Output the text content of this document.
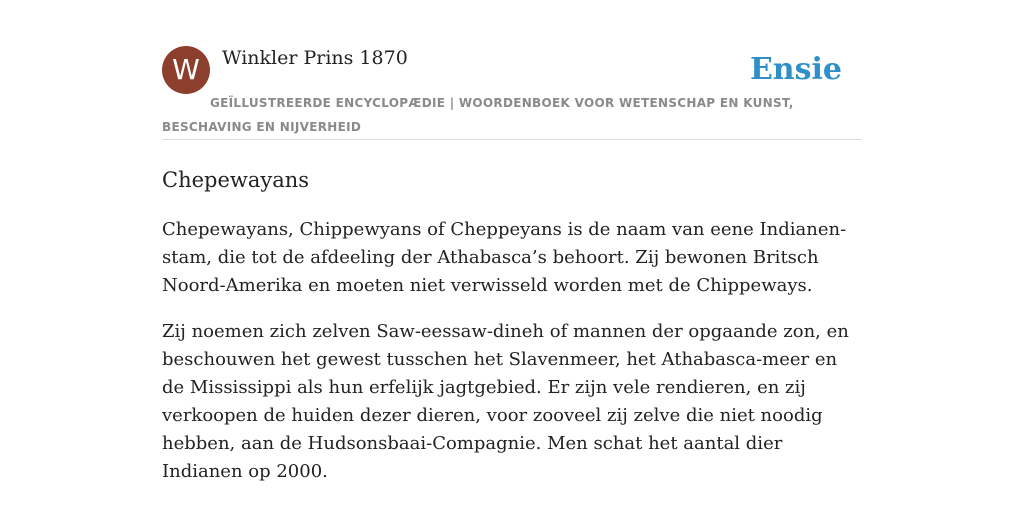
W	Winkler Prins 1870	Ensie
GEÏLLUSTREERDE ENCYCLOPÆDIE | WOORDENBOEK VOOR WETENSCHAP EN KUNST, BESCHAVING EN NIJVERHEID
Chepewayans

Chepewayans, Chippewyans of Cheppeyans is de naam van eene Indianen-stam, die tot de afdeeling der Athabasca’s behoort. Zij bewonen Britsch Noord-Amerika en moeten niet verwisseld worden met de Chippeways.

Zij noemen zich zelven Saw-eessaw-dineh of mannen der opgaande zon, en beschouwen het gewest tusschen het Slavenmeer, het Athabasca-meer en de Mississippi als hun erfelijk jagtgebied. Er zijn vele rendieren, en zij verkoopen de huiden dezer dieren, voor zooveel zij zelve die niet noodig hebben, aan de Hudsonsbaai-Compagnie. Men schat het aantal dier Indianen op 2000.
